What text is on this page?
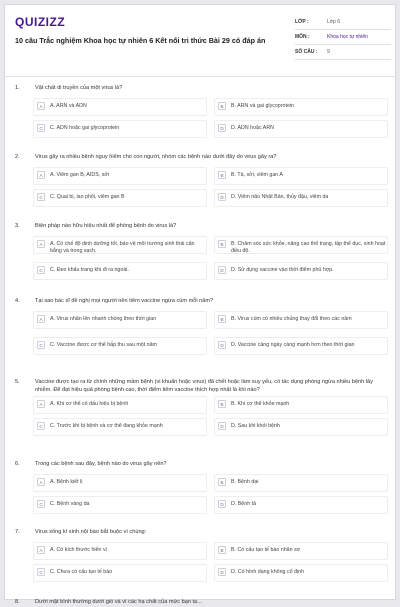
QUIZIZZ
10 câu Trắc nghiệm Khoa học tự nhiên 6 Kết nối tri thức Bài 29 có đáp án
LỚP :	Lớp 6
MÔN :	Khoa học tự nhiên
SỐ CÂU :	9
1.	Vật chất di truyền của một virus là?
A	A. ARN và ADN	B	B. ARN và gai glycoprotein
C	C. ADN hoặc gai glycoprotein	D	D. ADN hoặc ARN
2.	Virus gây ra nhiều bệnh nguy hiểm cho con người, nhóm các bệnh nào dưới đây do virus gây ra?
A	A. Viêm gan B, AIDS, sởi	B	B. Tả, sởi, viêm gan A
C	C. Quai bị, lao phổi, viêm gan B	D	D. Viêm não Nhật Bản, thủy đậu, viêm da
3.	Biện pháp nào hữu hiệu nhất để phòng bệnh do virus là?
A	A. Có chế độ dinh dưỡng tốt, bảo vệ môi trường sinh thái cân bằng và trong sạch.
B	B. Chăm sóc sức khỏe, nâng cao thể trạng, tập thể dục, sinh hoạt điều độ.
C	C. Đeo khẩu trang khi đi ra ngoài.	D	D. Sử dụng vaccine vào thời điểm phù hợp.
4.	Tại sao bác sĩ đề nghị mọi người nên tiêm vaccine ngừa cúm mỗi năm?
A	A. Virus nhân lên nhanh chóng theo thời gian	B	B. Virus cúm có nhiều chủng thay đổi theo các năm
C	C. Vaccine được cơ thể hấp thu sau một năm	D	D. Vaccine càng ngày càng mạnh hơn theo thời gian
5.	Vaccine được tạo ra từ chính những mầm bệnh (vi khuẩn hoặc virus) đã chết hoặc làm suy yếu, có tác dụng phòng ngừa nhiều bệnh lây nhiễm. Để đạt hiệu quả phòng bệnh cao, thời điểm tiêm vaccine thích hợp nhất là khi nào?
A	A. Khi cơ thể có dấu hiệu bị bệnh	B	B. Khi cơ thể khỏe mạnh
C	C. Trước khi bị bệnh và cơ thể đang khỏe mạnh	D	D. Sau khi khỏi bệnh
6.	Trong các bệnh sau đây, bệnh nào do virus gây nên?
A	A. Bệnh kiết lị	B	B. Bệnh dại
C	C. Bệnh vàng da	D	D. Bệnh tả
7.	Virus sống kí sinh nội bào bắt buộc vì chúng:
A	A. Có kích thước hiển vi	B	B. Có cấu tạo tế bào nhân sơ
C	C. Chưa có cấu tạo tế bào	D	D. Có hình dạng không cố định
8.	Dưới mặt bình thường dưới gió và vì các hạ chất của mức bạn ta…
